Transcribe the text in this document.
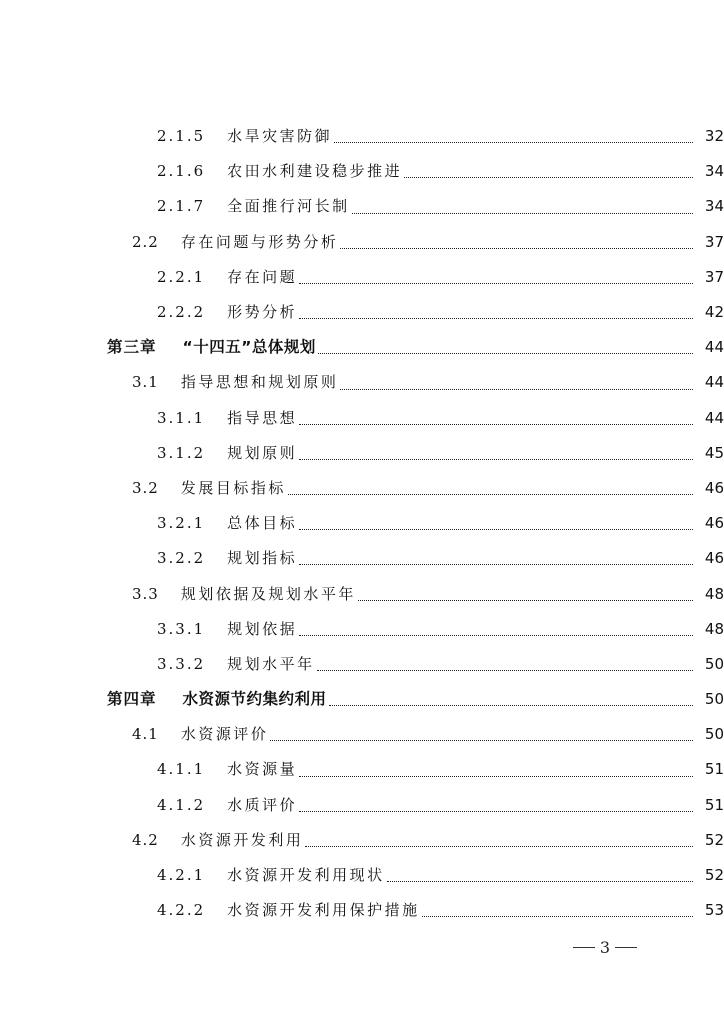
2.1.5 水旱灾害防御	32
2.1.6 农田水利建设稳步推进	34
2.1.7 全面推行河长制	34
2.2 存在问题与形势分析	37
2.2.1 存在问题	37
2.2.2 形势分析	42
第三章 “十四五”总体规划	44
3.1 指导思想和规划原则	44
3.1.1 指导思想	44
3.1.2 规划原则	45
3.2 发展目标指标	46
3.2.1 总体目标	46
3.2.2 规划指标	46
3.3 规划依据及规划水平年	48
3.3.1 规划依据	48
3.3.2 规划水平年	50
第四章 水资源节约集约利用	50
4.1 水资源评价	50
4.1.1 水资源量	51
4.1.2 水质评价	51
4.2 水资源开发利用	52
4.2.1 水资源开发利用现状	52
4.2.2 水资源开发利用保护措施	53
3
